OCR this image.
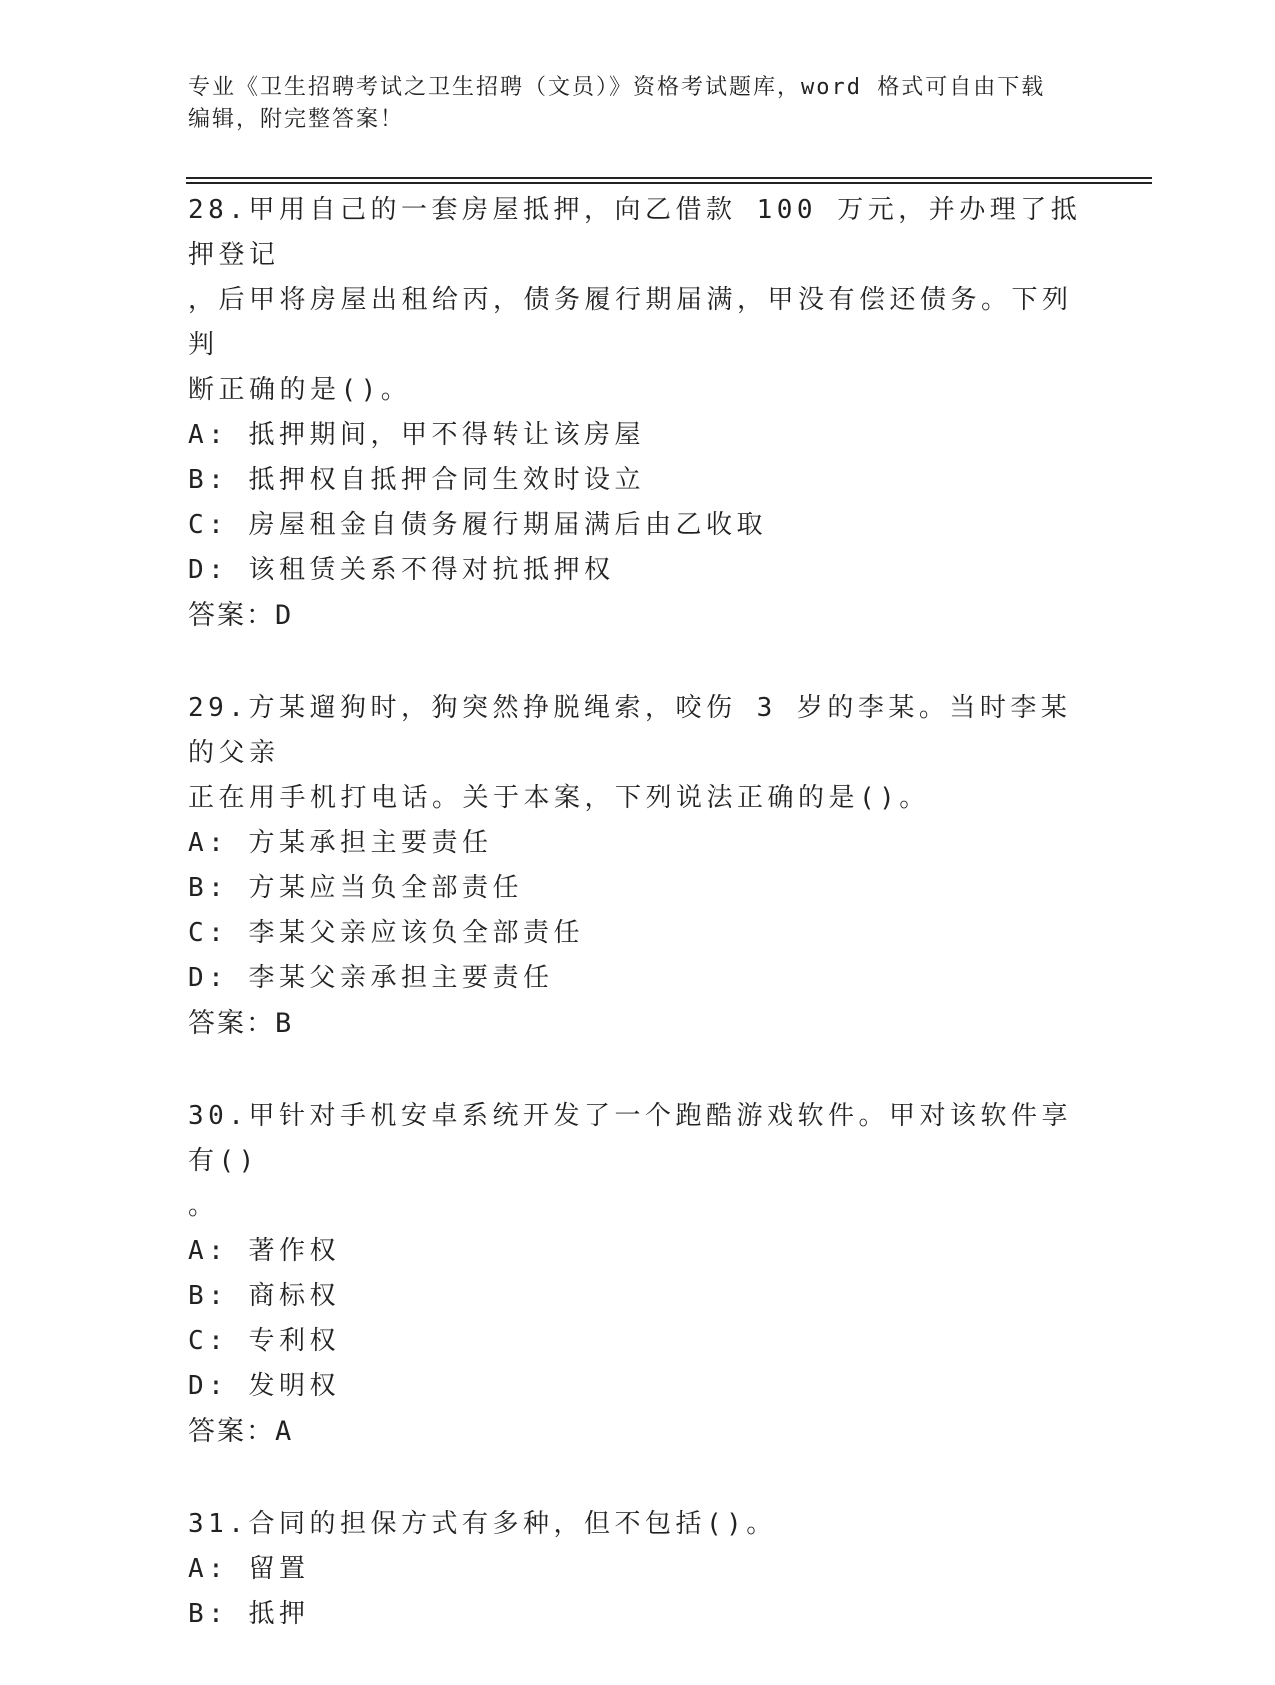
专业《卫生招聘考试之卫生招聘（文员）》资格考试题库，word 格式可自由下载
编辑，附完整答案！

28.甲用自己的一套房屋抵押，向乙借款 100 万元，并办理了抵押登记

，后甲将房屋出租给丙，债务履行期届满，甲没有偿还债务。下列判

断正确的是()。

A: 抵押期间，甲不得转让该房屋

B: 抵押权自抵押合同生效时设立

C: 房屋租金自债务履行期届满后由乙收取

D: 该租赁关系不得对抗抵押权

答案：D

29.方某遛狗时，狗突然挣脱绳索，咬伤 3 岁的李某。当时李某的父亲

正在用手机打电话。关于本案，下列说法正确的是()。

A: 方某承担主要责任

B: 方某应当负全部责任

C: 李某父亲应该负全部责任

D: 李某父亲承担主要责任

答案：B

30.甲针对手机安卓系统开发了一个跑酷游戏软件。甲对该软件享有()

。

A: 著作权

B: 商标权

C: 专利权

D: 发明权

答案：A

31.合同的担保方式有多种，但不包括()。

A: 留置

B: 抵押
